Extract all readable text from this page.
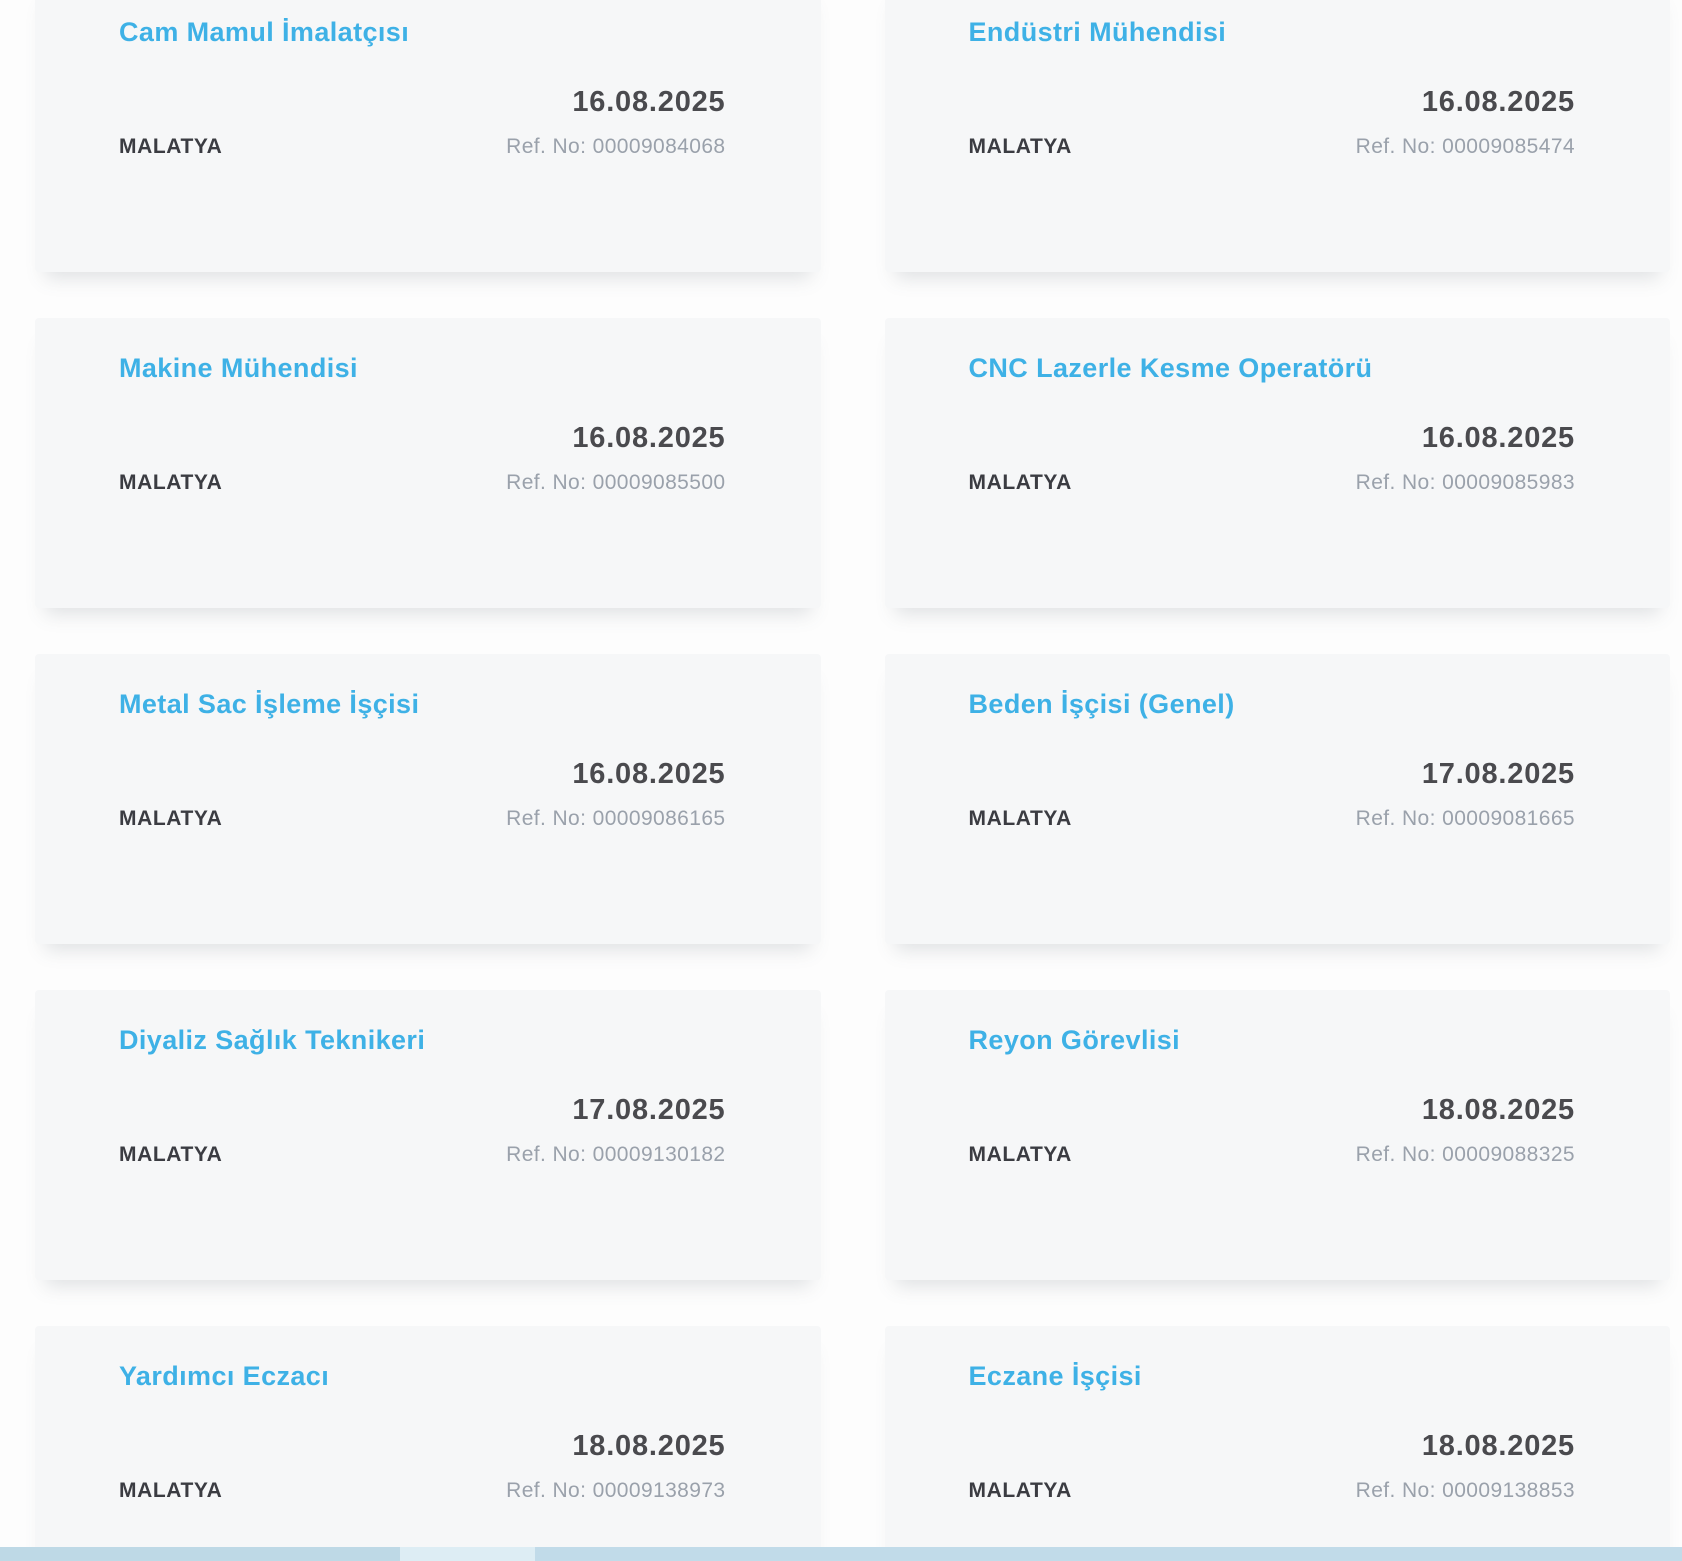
Cam Mamul İmalatçısı
16.08.2025
MALATYA	Ref. No: 00009084068
Endüstri Mühendisi
16.08.2025
MALATYA	Ref. No: 00009085474
Makine Mühendisi
16.08.2025
MALATYA	Ref. No: 00009085500
CNC Lazerle Kesme Operatörü
16.08.2025
MALATYA	Ref. No: 00009085983
Metal Sac İşleme İşçisi
16.08.2025
MALATYA	Ref. No: 00009086165
Beden İşçisi (Genel)
17.08.2025
MALATYA	Ref. No: 00009081665
Diyaliz Sağlık Teknikeri
17.08.2025
MALATYA	Ref. No: 00009130182
Reyon Görevlisi
18.08.2025
MALATYA	Ref. No: 00009088325
Yardımcı Eczacı
18.08.2025
MALATYA	Ref. No: 00009138973
Eczane İşçisi
18.08.2025
MALATYA	Ref. No: 00009138853
